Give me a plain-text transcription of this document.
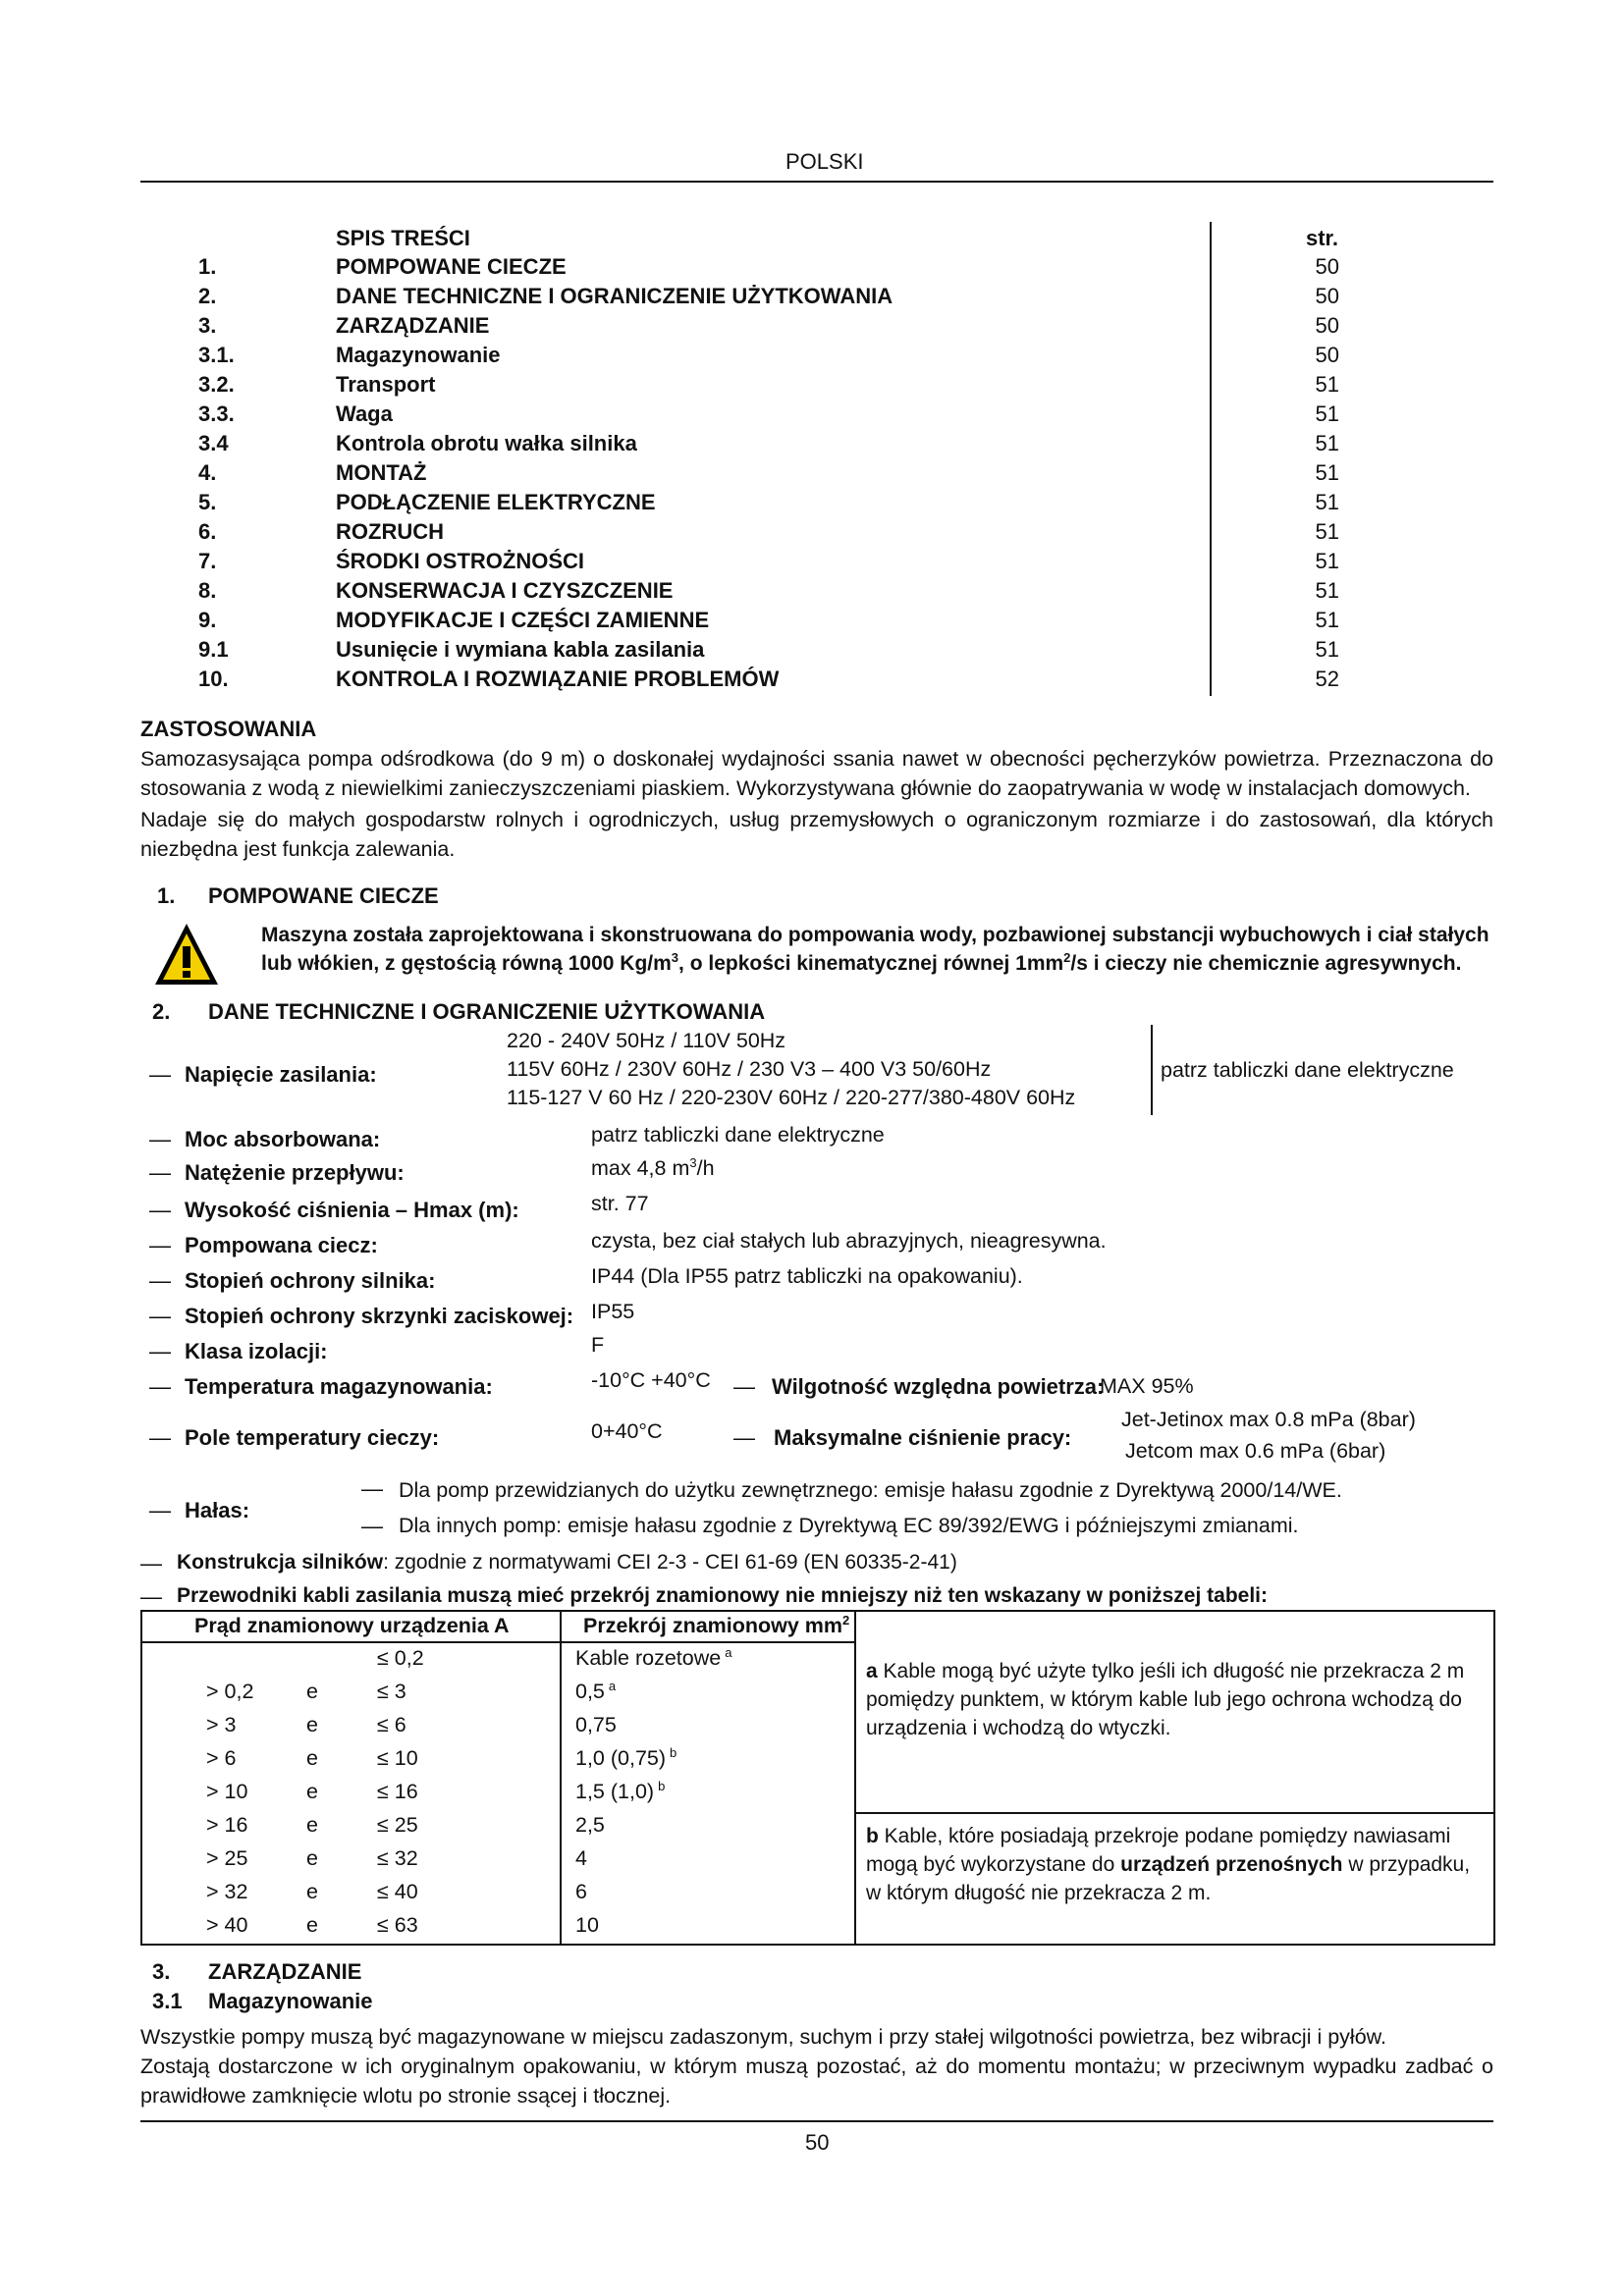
POLSKI
SPIS TREŚCI	str.
1.	POMPOWANE CIECZE	50
2.	DANE TECHNICZNE I OGRANICZENIE UŻYTKOWANIA	50
3.	ZARZĄDZANIE	50
3.1.	Magazynowanie	50
3.2.	Transport	51
3.3.	Waga	51
3.4	Kontrola obrotu wałka silnika	51
4.	MONTAŻ	51
5.	PODŁĄCZENIE ELEKTRYCZNE	51
6.	ROZRUCH	51
7.	ŚRODKI OSTROŻNOŚCI	51
8.	KONSERWACJA I CZYSZCZENIE	51
9.	MODYFIKACJE I CZĘŚCI ZAMIENNE	51
9.1	Usunięcie i wymiana kabla zasilania	51
10.	KONTROLA I ROZWIĄZANIE PROBLEMÓW	52
ZASTOSOWANIA
Samozasysająca pompa odśrodkowa (do 9 m) o doskonałej wydajności ssania nawet w obecności pęcherzyków powietrza. Przeznaczona do stosowania z wodą z niewielkimi zanieczyszczeniami piaskiem. Wykorzystywana głównie do zaopatrywania w wodę w instalacjach domowych.
Nadaje się do małych gospodarstw rolnych i ogrodniczych, usług przemysłowych o ograniczonym rozmiarze i do zastosowań, dla których niezbędna jest funkcja zalewania.
1. POMPOWANE CIECZE
Maszyna została zaprojektowana i skonstruowana do pompowania wody, pozbawionej substancji wybuchowych i ciał stałych
lub włókien, z gęstością równą 1000 $Kg/m^3$, o lepkości kinematycznej równej $1mm^2/s$ i cieczy nie chemicznie agresywnych.
2. DANE TECHNICZNE I OGRANICZENIE UŻYTKOWANIA
— Napięcie zasilania:
220 - 240V 50Hz / 110V 50Hz
115V 60Hz / 230V 60Hz / 230 V3 – 400 V3 50/60Hz
115-127 V 60 Hz / 220-230V 60Hz / 220-277/380-480V 60Hz
patrz tabliczki dane elektryczne
— Moc absorbowana:	patrz tabliczki dane elektryczne
— Natężenie przepływu:	max 4,8 $m^3/h$
— Wysokość ciśnienia – Hmax (m):	str. 77
— Pompowana ciecz:	czysta, bez ciał stałych lub abrazyjnych, nieagresywna.
— Stopień ochrony silnika:	IP44 (Dla IP55 patrz tabliczki na opakowaniu).
— Stopień ochrony skrzynki zaciskowej: IP55
— Klasa izolacji:	F
— Temperatura magazynowania:	-10°C +40°C — Wilgotność względna powietrza:
MAX 95%
— Pole temperatury cieczy:	0+40°C	— Maksymalne ciśnienie pracy:
Jet-Jetinox max 0.8 mPa (8bar)
Jetcom max 0.6 mPa (6bar)
— Hałas:
— Dla pomp przewidzianych do użytku zewnętrznego: emisje hałasu zgodnie z Dyrektywą 2000/14/WE.
— Dla innych pomp: emisje hałasu zgodnie z Dyrektywą EC 89/392/EWG i późniejszymi zmianami.
— Konstrukcja silników: zgodnie z normatywami CEI 2-3 - CEI 61-69 (EN 60335-2-41)
— Przewodniki kabli zasilania muszą mieć przekrój znamionowy nie mniejszy niż ten wskazany w poniższej tabeli:
Prąd znamionowy urządzenia A	Przekrój znamionowy $mm^2$
≤ 0,2	Kable rozetowe $^a$
> 0,2 e	≤ 3	0,5 $^a$
> 3	e	≤ 6	0,75
> 6	e	≤ 10	1,0 (0,75) $^b$
> 10	e	≤ 16	1,5 (1,0) $^b$
> 16	e	≤ 25	2,5
> 25	e	≤ 32	4
> 32	e	≤ 40	6
> 40	e	≤ 63	10
a Kable mogą być użyte tylko jeśli ich długość nie przekracza 2 m
pomiędzy punktem, w którym kable lub jego ochrona wchodzą do
urządzenia i wchodzą do wtyczki.
b Kable, które posiadają przekroje podane pomiędzy nawiasami
mogą być wykorzystane do urządzeń przenośnych w przypadku,
w którym długość nie przekracza 2 m.
3. ZARZĄDZANIE
3.1 Magazynowanie
Wszystkie pompy muszą być magazynowane w miejscu zadaszonym, suchym i przy stałej wilgotności powietrza, bez wibracji i pyłów.
Zostają dostarczone w ich oryginalnym opakowaniu, w którym muszą pozostać, aż do momentu montażu; w przeciwnym wypadku zadbać o prawidłowe zamknięcie wlotu po stronie ssącej i tłocznej.
50
